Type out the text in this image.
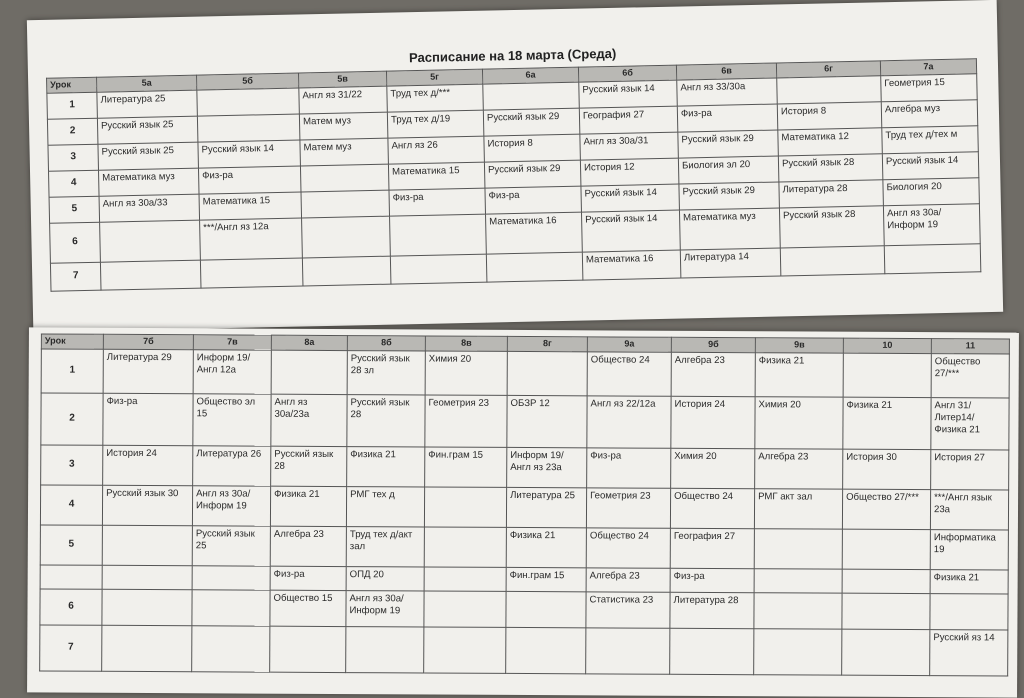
Расписание на 18 марта (Среда)
Урок	5а	5б	5в	5г	6а	6б	6в	6г	7а
1	Литература 25		Англ яз 31/22	Труд тех д/***		Русский язык 14	Англ яз 33/30а		Геометрия 15
2	Русский язык 25		Матем муз	Труд тех д/19	Русский язык 29	География 27	Физ-ра	История 8	Алгебра муз
3	Русский язык 25	Русский язык 14	Матем муз	Англ яз 26	История 8	Англ яз 30а/31	Русский язык 29	Математика 12	Труд тех д/тех м
4	Математика муз	Физ-ра		Математика 15	Русский язык 29	История 12	Биология эл 20	Русский язык 28	Русский язык 14
5	Англ яз 30а/33	Математика 15		Физ-ра	Физ-ра	Русский язык 14	Русский язык 29	Литература 28	Биология 20
6		***/Англ яз 12а			Математика 16	Русский язык 14	Математика муз	Русский язык 28	Англ яз 30а/ Информ 19
7						Математика 16	Литература 14		
Урок	7б	7в	8а	8б	8в	8г	9а	9б	9в	10	11
1	Литература 29	Информ 19/ Англ 12а		Русский язык 28 зл	Химия 20		Общество 24	Алгебра 23	Физика 21		Общество 27/***
2	Физ-ра	Общество эл 15	Англ яз 30а/23а	Русский язык 28	Геометрия 23	ОБЗР 12	Англ яз 22/12а	История 24	Химия 20	Физика 21	Англ 31/Литер14/ Физика 21
3	История 24	Литература 26	Русский язык 28	Физика 21	Фин.грам 15	Информ 19/ Англ яз 23а	Физ-ра	Химия 20	Алгебра 23	История 30	История 27
4	Русский язык 30	Англ яз 30а/ Информ 19	Физика 21	РМГ тех д		Литература 25	Геометрия 23	Общество 24	РМГ акт зал	Общество 27/***	***/Англ язык 23а
5		Русский язык 25	Алгебра 23	Труд тех д/акт зал		Физика 21	Общество 24	География 27			Информатика 19
			Физ-ра	ОПД 20		Фин.грам 15	Алгебра 23	Физ-ра			Физика 21
6			Общество 15	Англ яз 30а/ Информ 19			Статистика 23	Литература 28			
7											Русский яз 14
